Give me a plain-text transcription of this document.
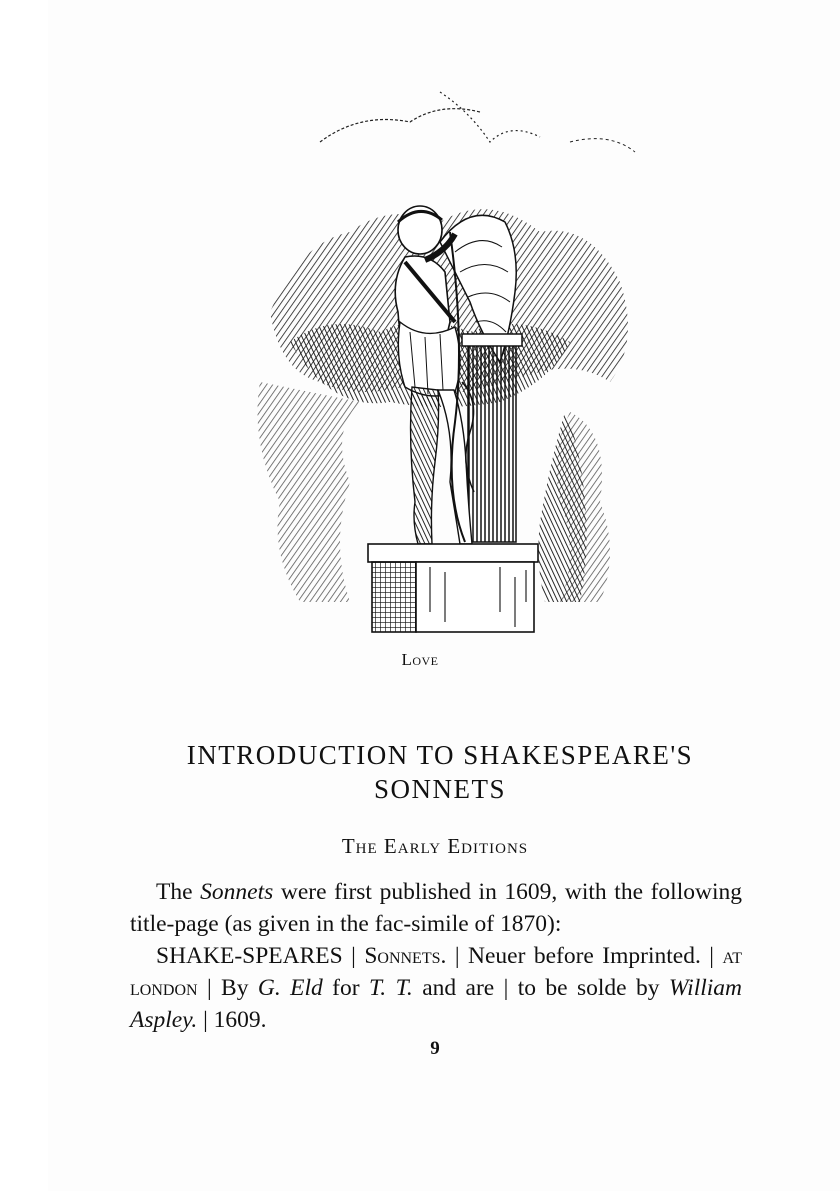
Love
INTRODUCTION TO SHAKESPEARE'S
SONNETS
The Early Editions

The Sonnets were first published in 1609, with the following title-page (as given in the fac-simile of 1870):

SHAKE-SPEARES | Sonnets. | Neuer before Imprinted. | at london | By G. Eld for T. T. and are | to be solde by William Aspley. | 1609.

9
